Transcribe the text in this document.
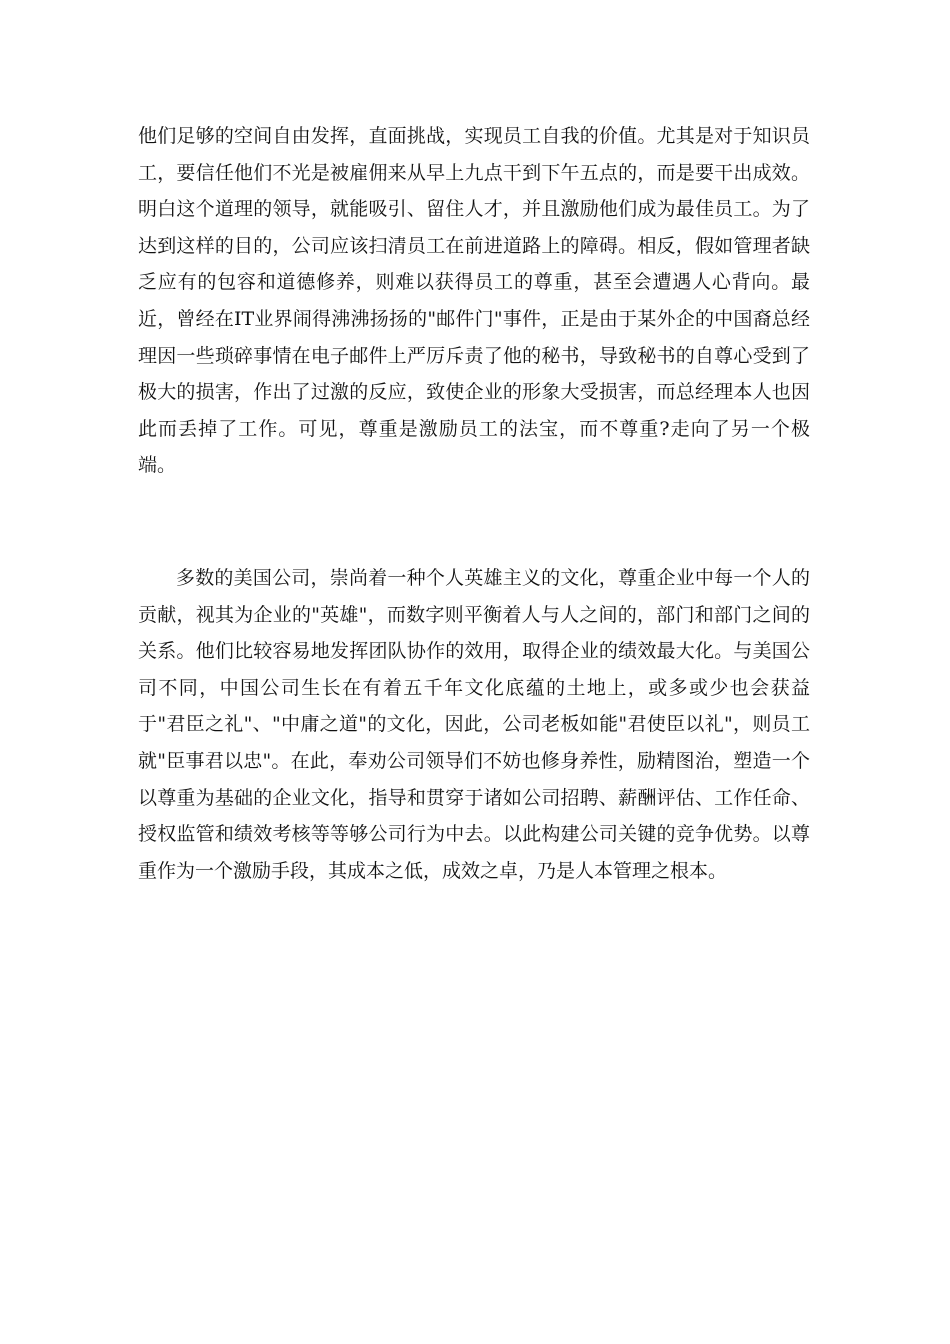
他们足够的空间自由发挥，直面挑战，实现员工自我的价值。尤其是对于知识员工，要信任他们不光是被雇佣来从早上九点干到下午五点的，而是要干出成效。明白这个道理的领导，就能吸引、留住人才，并且激励他们成为最佳员工。为了达到这样的目的，公司应该扫清员工在前进道路上的障碍。相反，假如管理者缺乏应有的包容和道德修养，则难以获得员工的尊重，甚至会遭遇人心背向。最近，曾经在IT业界闹得沸沸扬扬的"邮件门"事件，正是由于某外企的中国裔总经理因一些琐碎事情在电子邮件上严厉斥责了他的秘书，导致秘书的自尊心受到了极大的损害，作出了过激的反应，致使企业的形象大受损害，而总经理本人也因此而丢掉了工作。可见，尊重是激励员工的法宝，而不尊重?走向了另一个极端。

多数的美国公司，崇尚着一种个人英雄主义的文化，尊重企业中每一个人的贡献，视其为企业的"英雄"，而数字则平衡着人与人之间的，部门和部门之间的关系。他们比较容易地发挥团队协作的效用，取得企业的绩效最大化。与美国公司不同，中国公司生长在有着五千年文化底蕴的土地上，或多或少也会获益于"君臣之礼"、"中庸之道"的文化，因此，公司老板如能"君使臣以礼"，则员工就"臣事君以忠"。在此，奉劝公司领导们不妨也修身养性，励精图治，塑造一个以尊重为基础的企业文化，指导和贯穿于诸如公司招聘、薪酬评估、工作任命、授权监管和绩效考核等等够公司行为中去。以此构建公司关键的竞争优势。以尊重作为一个激励手段，其成本之低，成效之卓，乃是人本管理之根本。
